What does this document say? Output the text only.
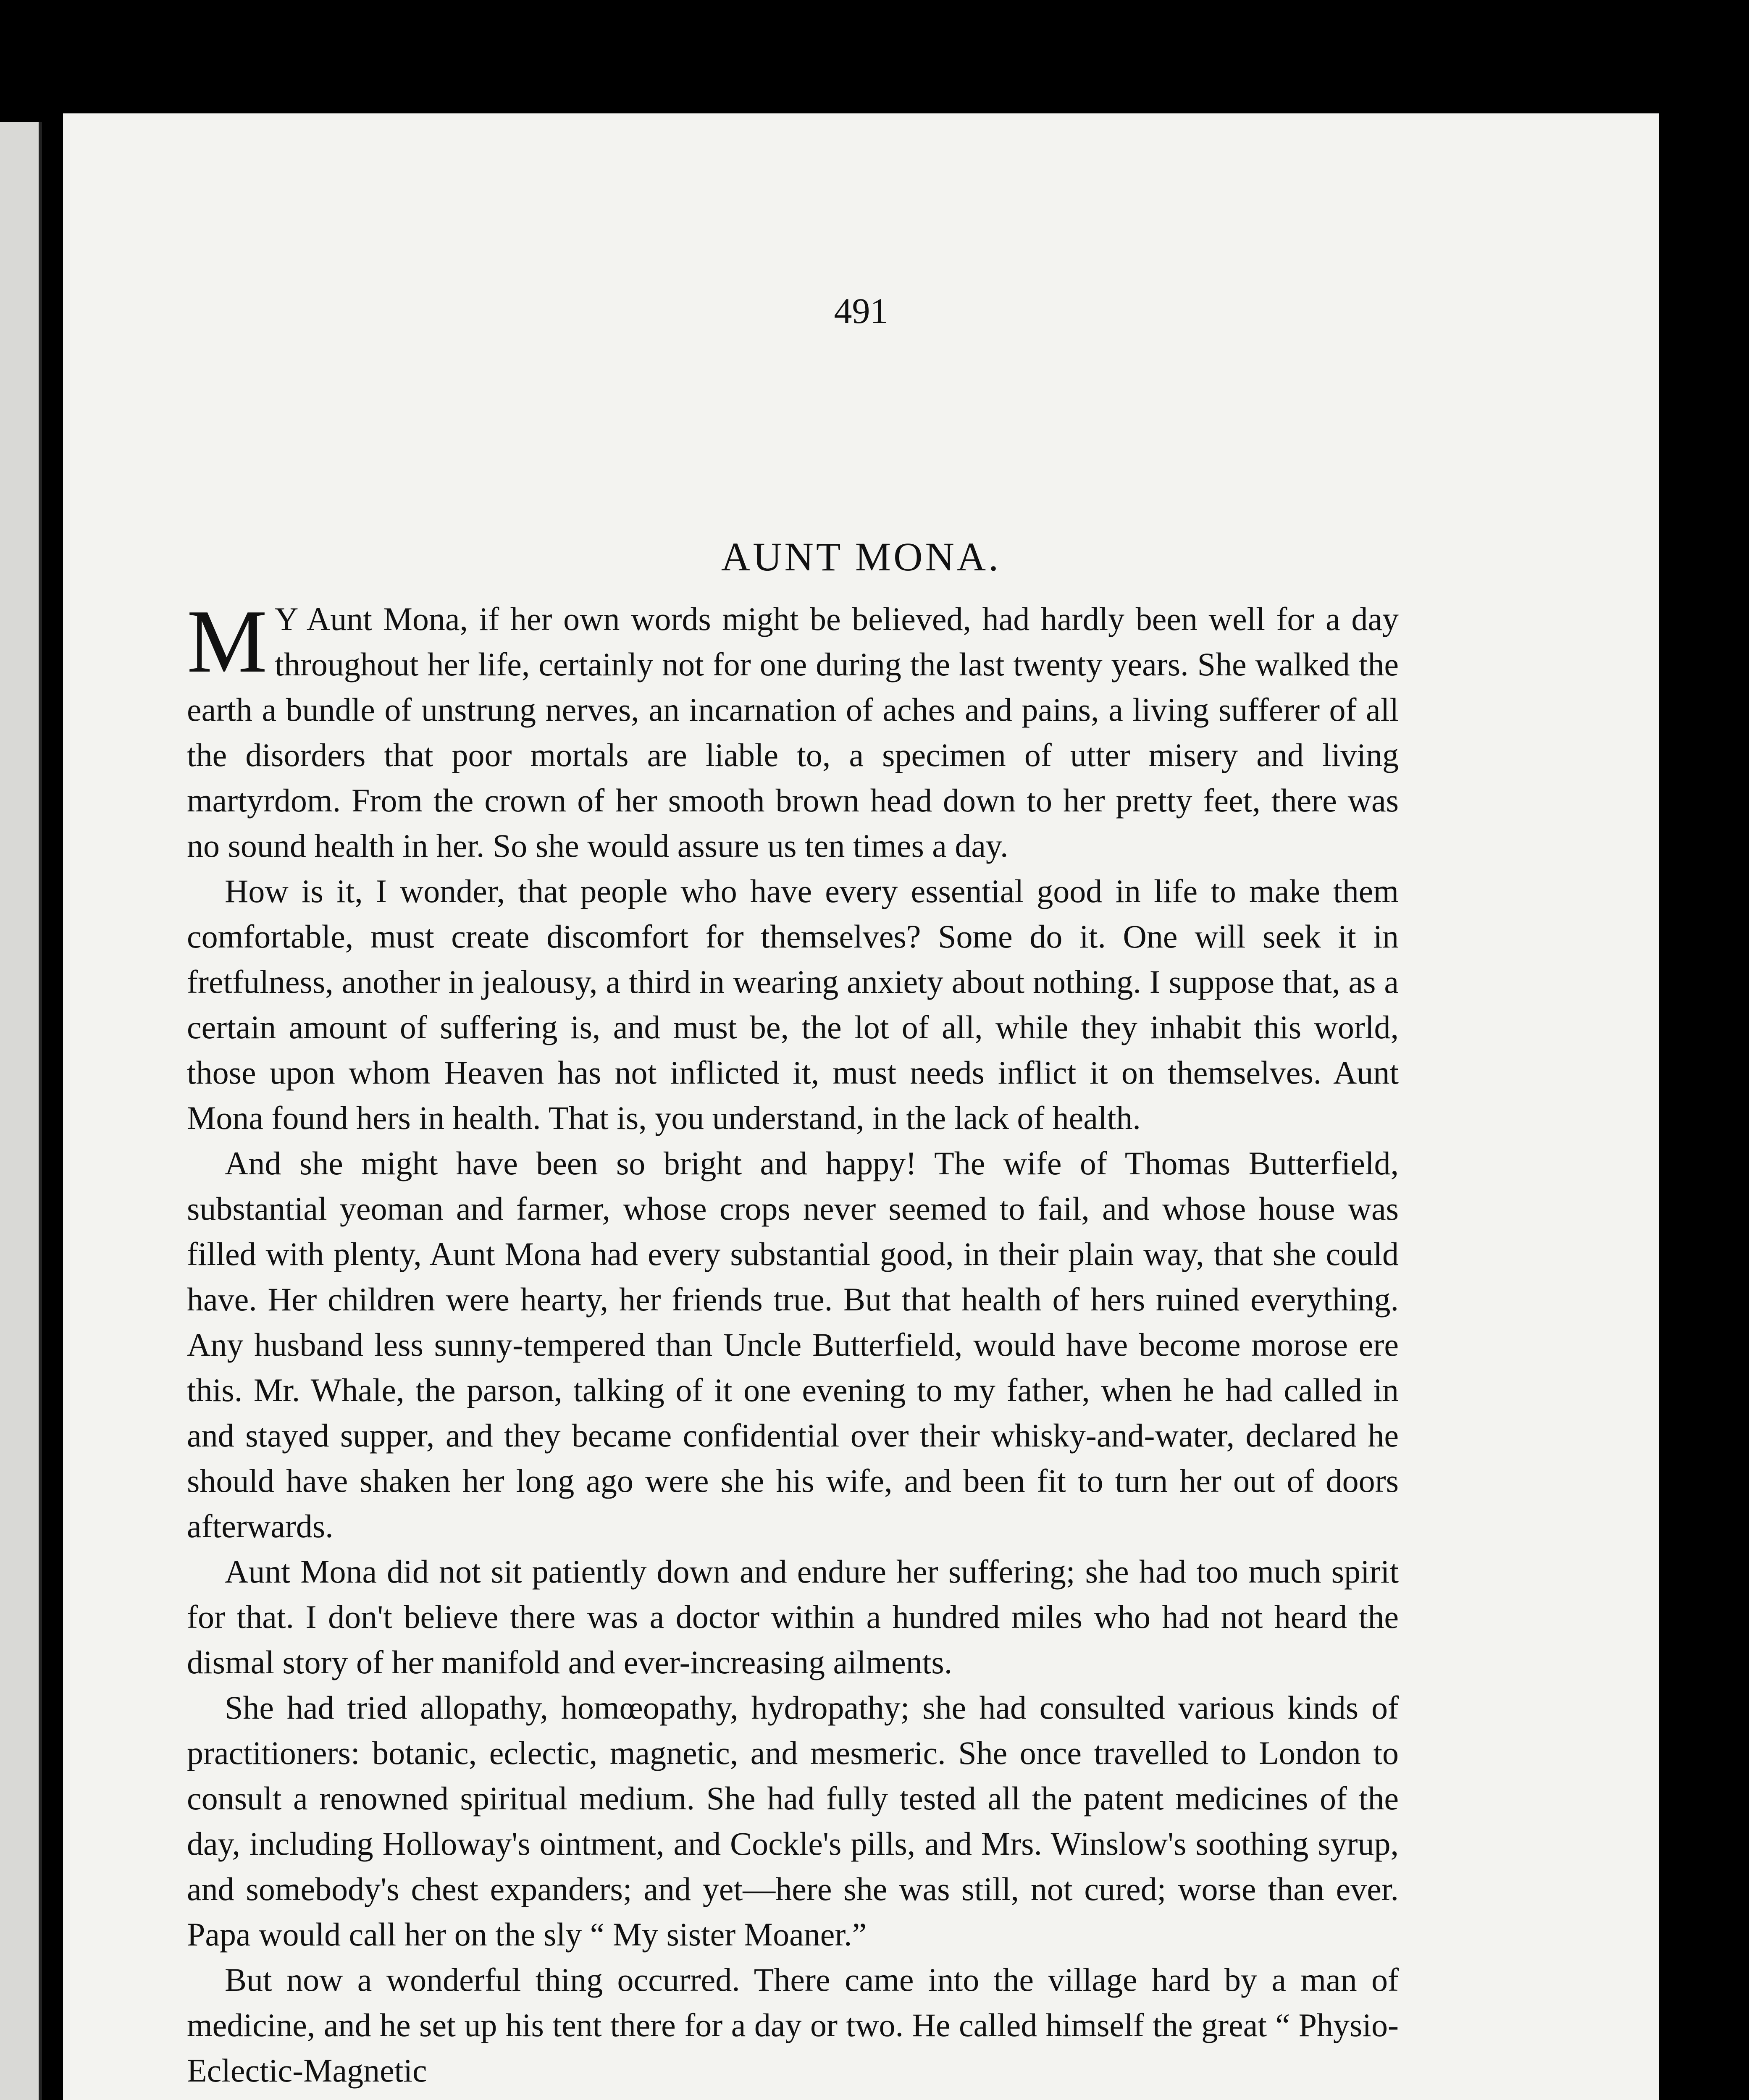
491
AUNT MONA.

M Y Aunt Mona, if her own words might be believed, had hardly been well for a day throughout her life, certainly not for one during the last twenty years. She walked the earth a bundle of unstrung nerves, an incarnation of aches and pains, a living sufferer of all the disorders that poor mortals are liable to, a specimen of utter misery and living martyrdom. From the crown of her smooth brown head down to her pretty feet, there was no sound health in her. So she would assure us ten times a day.

How is it, I wonder, that people who have every essential good in life to make them comfortable, must create discomfort for themselves? Some do it. One will seek it in fretfulness, another in jealousy, a third in wearing anxiety about nothing. I suppose that, as a certain amount of suffering is, and must be, the lot of all, while they inhabit this world, those upon whom Heaven has not inflicted it, must needs inflict it on themselves. Aunt Mona found hers in health. That is, you understand, in the lack of health.

And she might have been so bright and happy! The wife of Thomas Butterfield, substantial yeoman and farmer, whose crops never seemed to fail, and whose house was filled with plenty, Aunt Mona had every substantial good, in their plain way, that she could have. Her children were hearty, her friends true. But that health of hers ruined everything. Any husband less sunny-tempered than Uncle Butterfield, would have become morose ere this. Mr. Whale, the parson, talking of it one evening to my father, when he had called in and stayed supper, and they became confidential over their whisky-and-water, declared he should have shaken her long ago were she his wife, and been fit to turn her out of doors afterwards.

Aunt Mona did not sit patiently down and endure her suffering; she had too much spirit for that. I don't believe there was a doctor within a hundred miles who had not heard the dismal story of her manifold and ever-increasing ailments.

She had tried allopathy, homœopathy, hydropathy; she had consulted various kinds of practitioners: botanic, eclectic, magnetic, and mesmeric. She once travelled to London to consult a renowned spiritual medium. She had fully tested all the patent medicines of the day, including Holloway's ointment, and Cockle's pills, and Mrs. Winslow's soothing syrup, and somebody's chest expanders; and yet—here she was still, not cured; worse than ever. Papa would call her on the sly “ My sister Moaner.”

But now a wonderful thing occurred. There came into the village hard by a man of medicine, and he set up his tent there for a day or two. He called himself the great “ Physio-Eclectic-Magnetic
